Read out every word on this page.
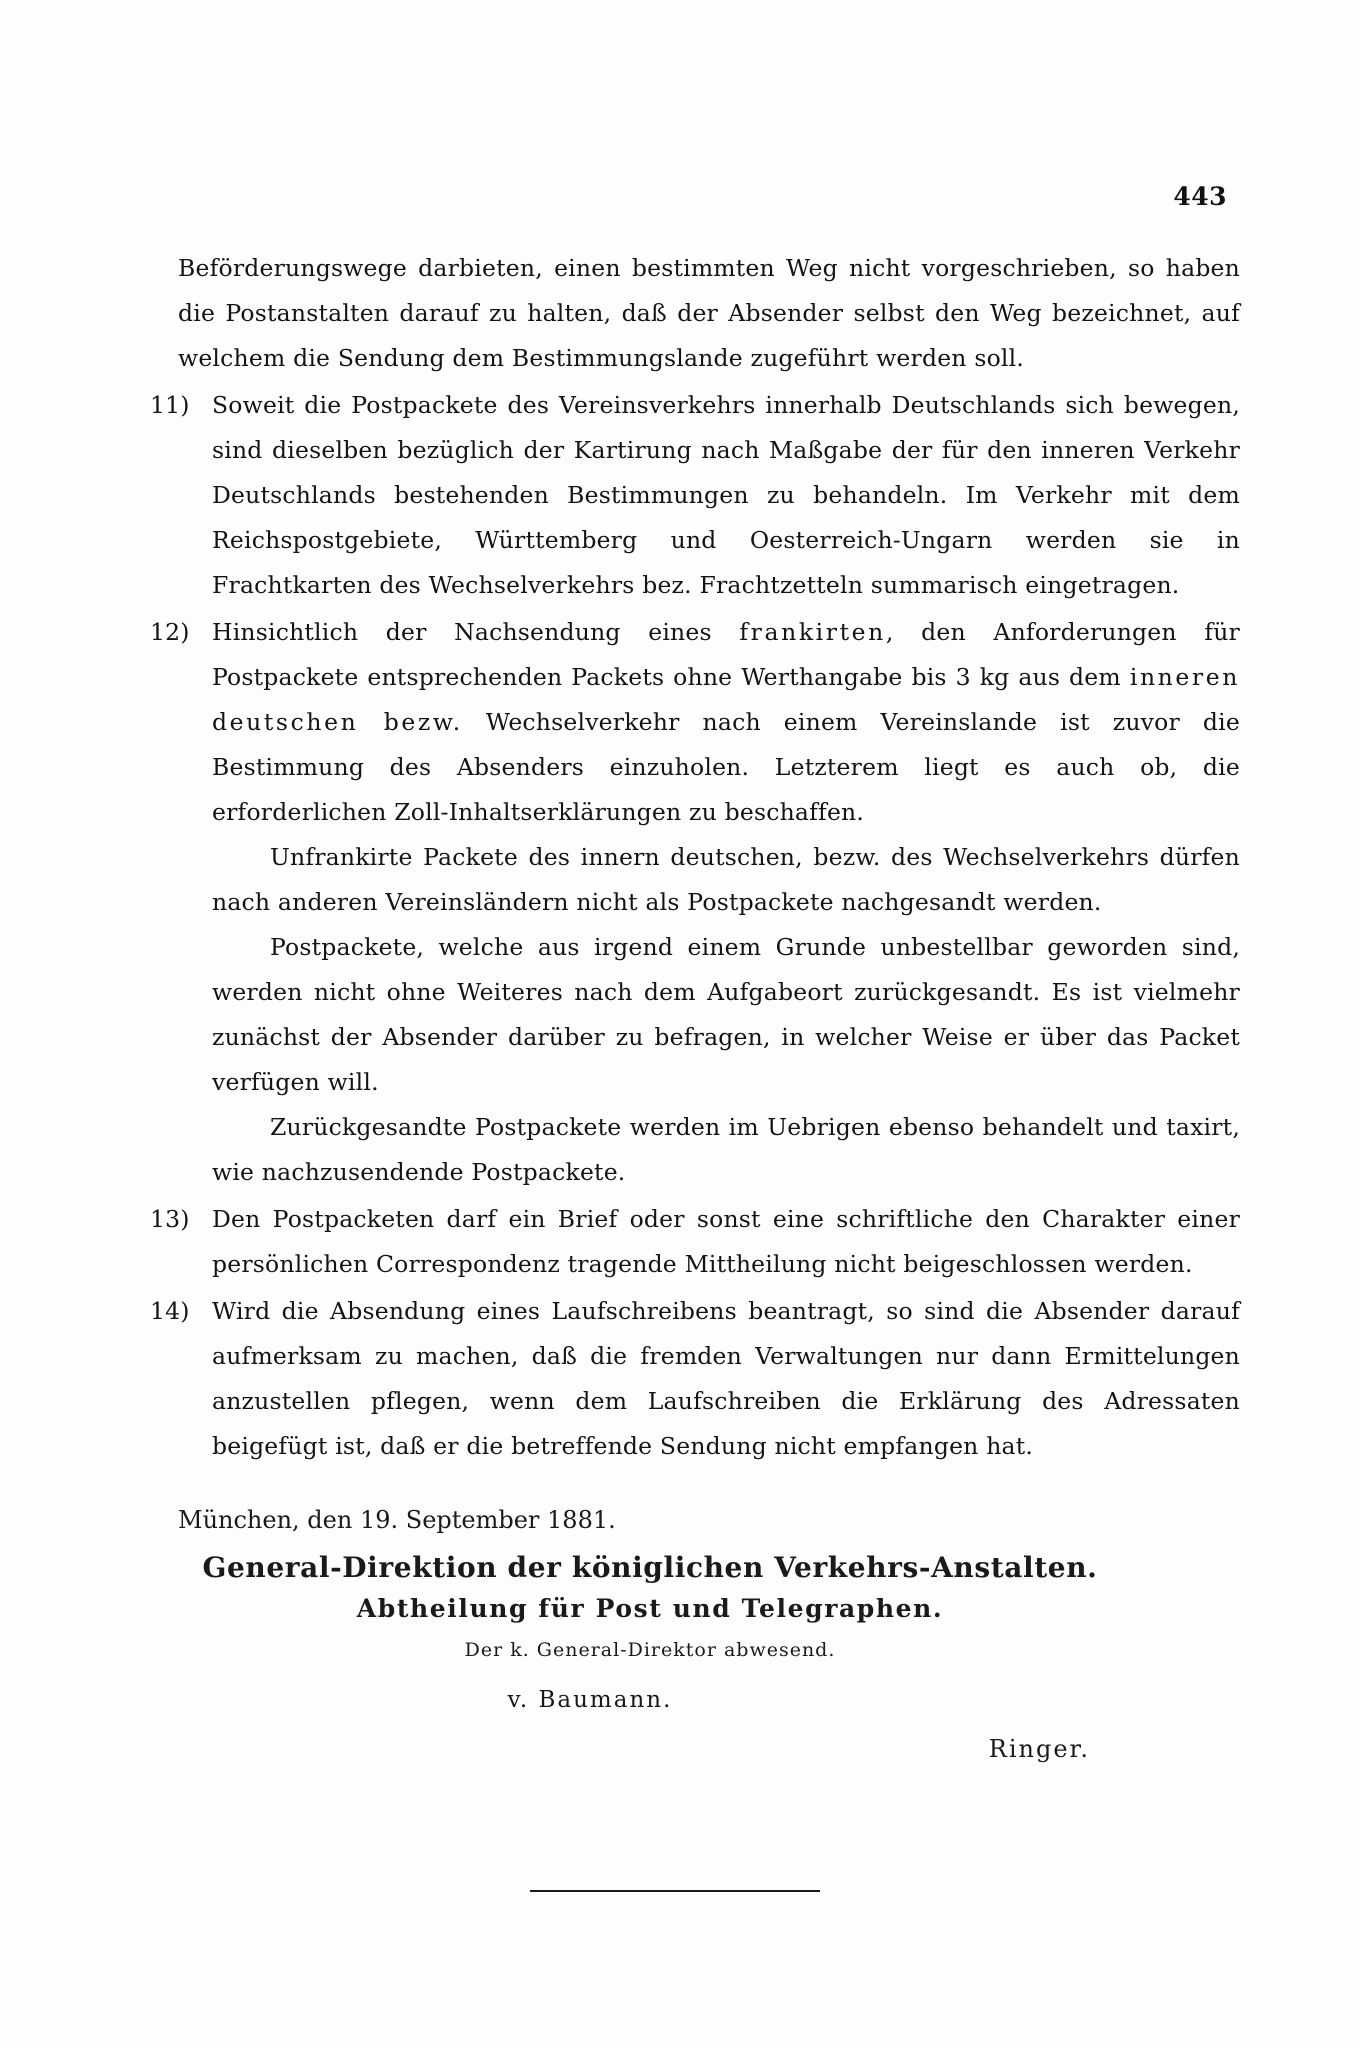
443
Beförderungswege darbieten, einen bestimmten Weg nicht vorgeschrieben, so haben die Postanstalten darauf zu halten, daß der Absender selbst den Weg bezeichnet, auf welchem die Sendung dem Bestimmungslande zugeführt werden soll.
11) Soweit die Postpackete des Vereinsverkehrs innerhalb Deutschlands sich bewegen, sind dieselben bezüglich der Kartirung nach Maßgabe der für den inneren Verkehr Deutschlands bestehenden Bestimmungen zu behandeln. Im Verkehr mit dem Reichspostgebiete, Württemberg und Oesterreich-Ungarn werden sie in Frachtkarten des Wechselverkehrs bez. Frachtzetteln summarisch eingetragen.
12) Hinsichtlich der Nachsendung eines frankirten, den Anforderungen für Postpackete entsprechenden Packets ohne Werthangabe bis 3 kg aus dem inneren deutschen bezw. Wechselverkehr nach einem Vereinslande ist zuvor die Bestimmung des Absenders einzuholen. Letzterem liegt es auch ob, die erforderlichen Zoll-Inhaltserklärungen zu beschaffen.
Unfrankirte Packete des innern deutschen, bezw. des Wechselverkehrs dürfen nach anderen Vereinsländern nicht als Postpackete nachgesandt werden.
Postpackete, welche aus irgend einem Grunde unbestellbar geworden sind, werden nicht ohne Weiteres nach dem Aufgabeort zurückgesandt. Es ist vielmehr zunächst der Absender darüber zu befragen, in welcher Weise er über das Packet verfügen will.
Zurückgesandte Postpackete werden im Uebrigen ebenso behandelt und taxirt, wie nachzusendende Postpackete.
13) Den Postpacketen darf ein Brief oder sonst eine schriftliche den Charakter einer persönlichen Correspondenz tragende Mittheilung nicht beigeschlossen werden.
14) Wird die Absendung eines Laufschreibens beantragt, so sind die Absender darauf aufmerksam zu machen, daß die fremden Verwaltungen nur dann Ermittelungen anzustellen pflegen, wenn dem Laufschreiben die Erklärung des Adressaten beigefügt ist, daß er die betreffende Sendung nicht empfangen hat.
München, den 19. September 1881.
General-Direktion der königlichen Verkehrs-Anstalten.
Abtheilung für Post und Telegraphen.
Der k. General-Direktor abwesend.
v. Baumann.
Ringer.
